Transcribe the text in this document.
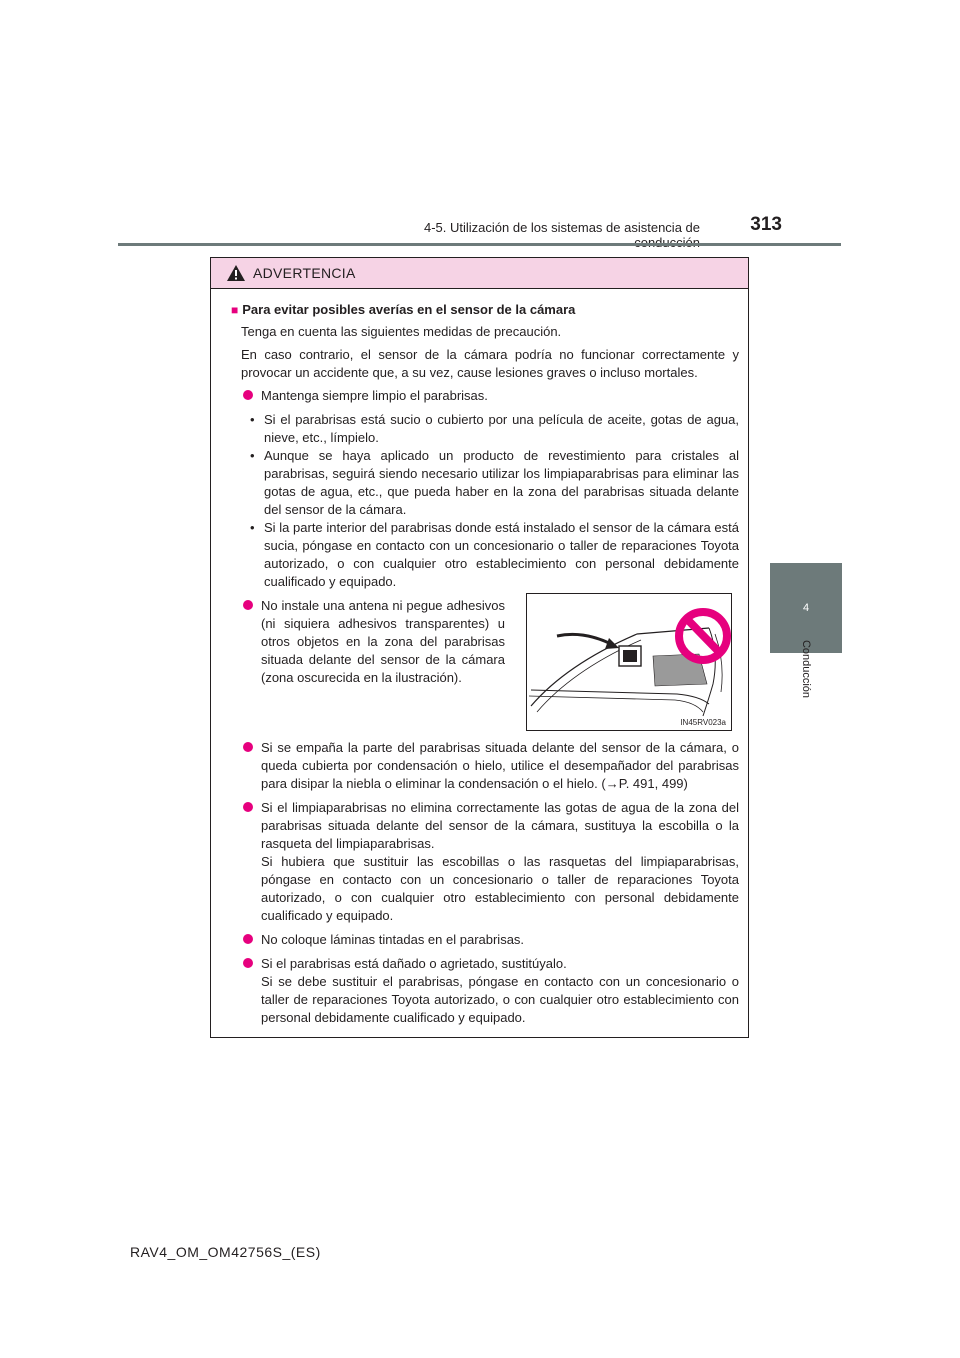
4-5. Utilización de los sistemas de asistencia de	313
4
Conducción
ADVERTENCIA

■ Para evitar posibles averías en el sensor de la cámara

Tenga en cuenta las siguientes medidas de precaución.

En caso contrario, el sensor de la cámara podría no funcionar correctamente y provocar un accidente que, a su vez, cause lesiones graves o incluso mortales.

Mantenga siempre limpio el parabrisas.
• Si el parabrisas está sucio o cubierto por una película de aceite, gotas de agua, nieve, etc., límpielo.
• Aunque se haya aplicado un producto de revestimiento para cristales al parabrisas, seguirá siendo necesario utilizar los limpiaparabrisas para eliminar las gotas de agua, etc., que pueda haber en la zona del parabrisas situada delante del sensor de la cámara.
• Si la parte interior del parabrisas donde está instalado el sensor de la cámara está sucia, póngase en contacto con un concesionario o taller de reparaciones Toyota autorizado, o con cualquier otro establecimiento con personal debidamente cualificado y equipado.
No instale una antena ni pegue adhesivos (ni siquiera adhesivos transparentes) u otros objetos en la zona del parabrisas situada delante del sensor de la cámara (zona oscurecida en la ilustración).
Si se empaña la parte del parabrisas situada delante del sensor de la cámara, o queda cubierta por condensación o hielo, utilice el desempañador del parabrisas para disipar la niebla o eliminar la condensación o el hielo. (→P. 491, 499)
Si el limpiaparabrisas no elimina correctamente las gotas de agua de la zona del parabrisas situada delante del sensor de la cámara, sustituya la escobilla o la rasqueta del limpiaparabrisas.
Si hubiera que sustituir las escobillas o las rasquetas del limpiaparabrisas, póngase en contacto con un concesionario o taller de reparaciones Toyota autorizado, o con cualquier otro establecimiento con personal debidamente cualificado y equipado.
No coloque láminas tintadas en el parabrisas.
Si el parabrisas está dañado o agrietado, sustitúyalo.
Si se debe sustituir el parabrisas, póngase en contacto con un concesionario o taller de reparaciones Toyota autorizado, o con cualquier otro establecimiento con personal debidamente cualificado y equipado.
IN45RV023a
RAV4_OM_OM42756S_(ES)
